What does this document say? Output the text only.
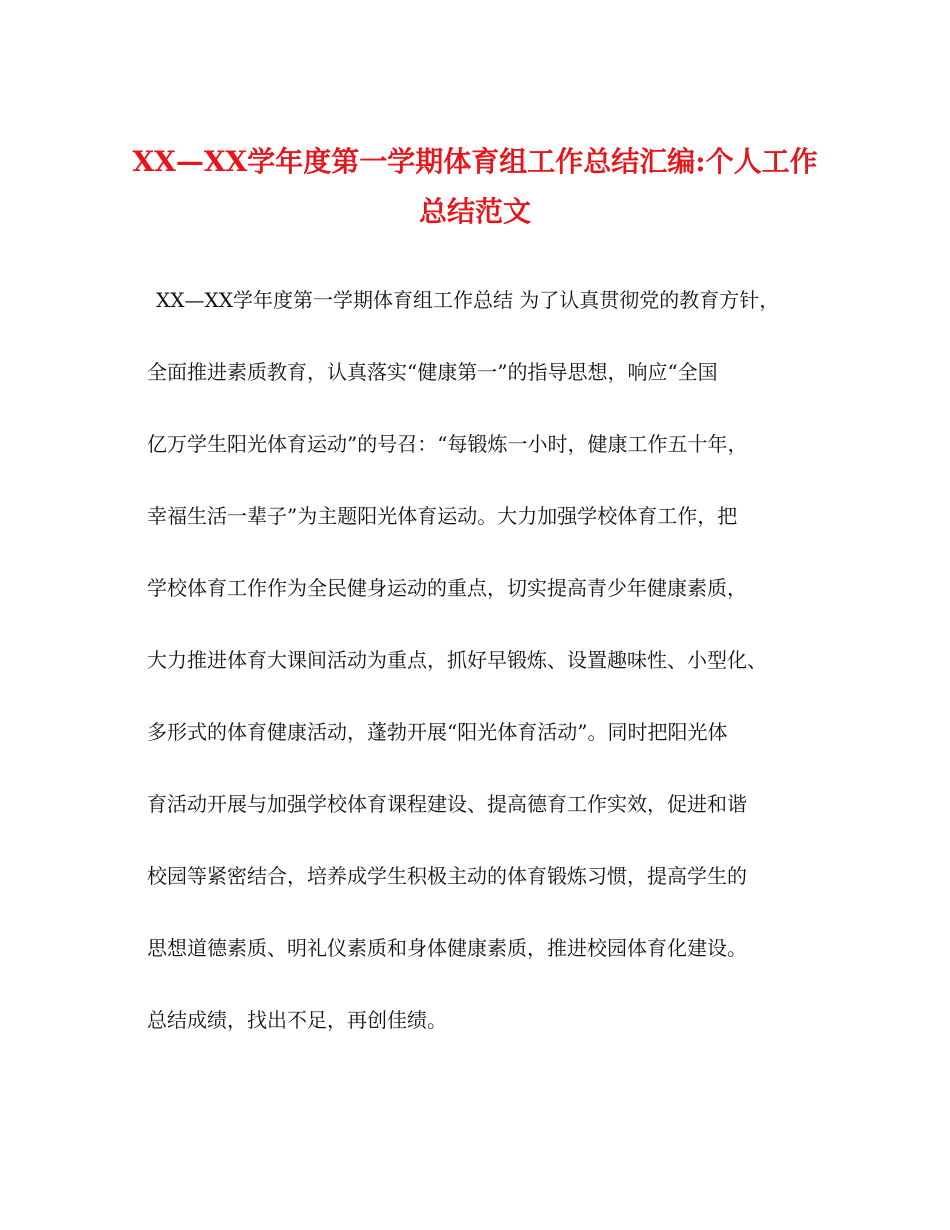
XX—XX学年度第一学期体育组工作总结汇编:个人工作
总结范文
XX—XX学年度第一学期体育组工作总结 为了认真贯彻党的教育方针，
全面推进素质教育，认真落实“健康第一”的指导思想，响应“全国
亿万学生阳光体育运动”的号召：“每锻炼一小时，健康工作五十年，
幸福生活一辈子”为主题阳光体育运动。大力加强学校体育工作，把
学校体育工作作为全民健身运动的重点，切实提高青少年健康素质，
大力推进体育大课间活动为重点，抓好早锻炼、设置趣味性、小型化、
多形式的体育健康活动，蓬勃开展“阳光体育活动”。同时把阳光体
育活动开展与加强学校体育课程建设、提高德育工作实效，促进和谐
校园等紧密结合，培养成学生积极主动的体育锻炼习惯，提高学生的
思想道德素质、明礼仪素质和身体健康素质，推进校园体育化建设。
总结成绩，找出不足，再创佳绩。
